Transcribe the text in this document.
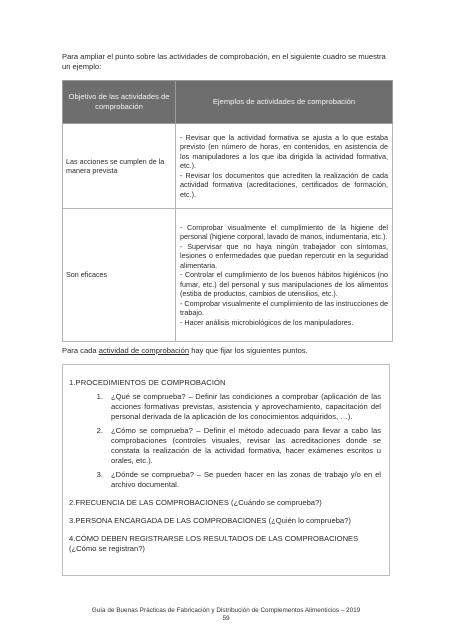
Para ampliar el punto sobre las actividades de comprobación, en el siguiente cuadro se muestra un ejemplo:
Objetivo de las actividades de comprobación	Ejemplos de actividades de comprobación
Las acciones se cumplen de la manera prevista	- Revisar que la actividad formativa se ajusta a lo que estaba previsto (en número de horas, en contenidos, en asistencia de los manipuladores a los que iba dirigida la actividad formativa, etc.).
- Revisar los documentos que acrediten la realización de cada actividad formativa (acreditaciones, certificados de formación, etc.).

Son eficaces	- Comprobar visualmente el cumplimiento de la higiene del personal (higiene corporal, lavado de manos, indumentaria, etc.).
- Supervisar que no haya ningún trabajador con síntomas, lesiones o enfermedades que puedan repercutir en la seguridad alimentaria.
- Controlar el cumplimiento de los buenos hábitos higiénicos (no fumar, etc.) del personal y sus manipulaciones de los alimentos (estiba de productos, cambios de utensilios, etc.).
- Comprobar visualmente el cumplimiento de las instrucciones de trabajo.
- Hacer análisis microbiológicos de los manipuladores.
Para cada actividad de comprobación hay que fijar los siguientes puntos.
1.PROCEDIMIENTOS DE COMPROBACIÓN
1.	¿Qué se comprueba? – Definir las condiciones a comprobar (aplicación de las acciones formativas previstas, asistencia y aprovechamiento, capacitación del personal derivada de la aplicación de los conocimientos adquiridos, …).
2.	¿Cómo se comprueba? – Definir el método adecuado para llevar a cabo las comprobaciones (controles visuales, revisar las acreditaciones donde se constata la realización de la actividad formativa, hacer exámenes escritos u orales, etc.).
3.	¿Dónde se comprueba? – Se pueden hacer en las zonas de trabajo y/o en el archivo documental.
2.FRECUENCIA DE LAS COMPROBACIONES (¿Cuándo se comprueba?)
3.PERSONA ENCARGADA DE LAS COMPROBACIONES (¿Quién lo comprueba?)
4.CÓMO DEBEN REGISTRARSE LOS RESULTADOS DE LAS COMPROBACIONES (¿Cómo se registran?)
Guía de Buenas Prácticas de Fabricación y Distribución de Complementos Alimenticios – 2019
59
